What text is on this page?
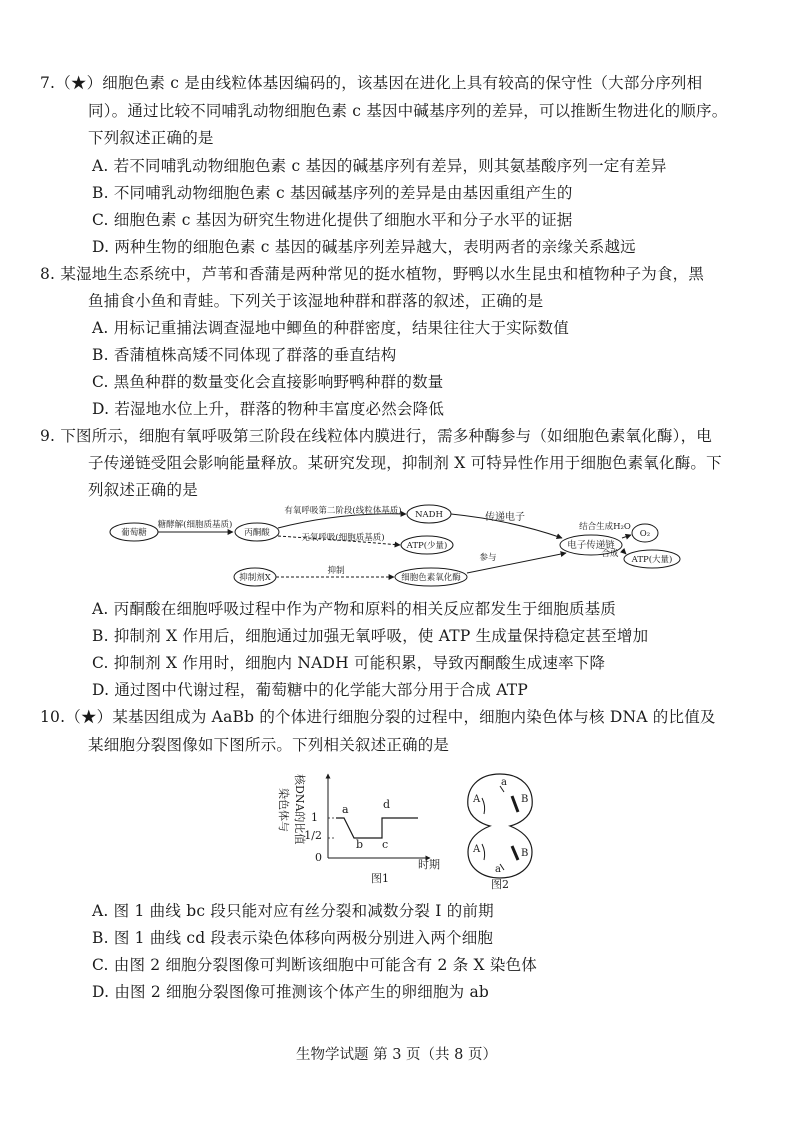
7.（★）细胞色素 c 是由线粒体基因编码的，该基因在进化上具有较高的保守性（大部分序列相
同）。通过比较不同哺乳动物细胞色素 c 基因中碱基序列的差异，可以推断生物进化的顺序。
下列叙述正确的是
A. 若不同哺乳动物细胞色素 c 基因的碱基序列有差异，则其氨基酸序列一定有差异
B. 不同哺乳动物细胞色素 c 基因碱基序列的差异是由基因重组产生的
C. 细胞色素 c 基因为研究生物进化提供了细胞水平和分子水平的证据
D. 两种生物的细胞色素 c 基因的碱基序列差异越大，表明两者的亲缘关系越远
8. 某湿地生态系统中，芦苇和香蒲是两种常见的挺水植物，野鸭以水生昆虫和植物种子为食，黑
鱼捕食小鱼和青蛙。下列关于该湿地种群和群落的叙述，正确的是
A. 用标记重捕法调查湿地中鲫鱼的种群密度，结果往往大于实际数值
B. 香蒲植株高矮不同体现了群落的垂直结构
C. 黑鱼种群的数量变化会直接影响野鸭种群的数量
D. 若湿地水位上升，群落的物种丰富度必然会降低
9. 下图所示，细胞有氧呼吸第三阶段在线粒体内膜进行，需多种酶参与（如细胞色素氧化酶），电
子传递链受阻会影响能量释放。某研究发现，抑制剂 X 可特异性作用于细胞色素氧化酶。下
列叙述正确的是
葡萄糖
糖酵解(细胞质基质)
丙酮酸
有氧呼吸第二阶段(线粒体基质)
无氧呼吸(细胞质基质)
NADH
ATP(少量)
传递电子
电子传递链
结合生成H₂O
O₂
合成
ATP(大量)
抑制剂X
抑制
细胞色素氧化酶
参与
A. 丙酮酸在细胞呼吸过程中作为产物和原料的相关反应都发生于细胞质基质
B. 抑制剂 X 作用后，细胞通过加强无氧呼吸，使 ATP 生成量保持稳定甚至增加
C. 抑制剂 X 作用时，细胞内 NADH 可能积累，导致丙酮酸生成速率下降
D. 通过图中代谢过程，葡萄糖中的化学能大部分用于合成 ATP
10.（★）某基因组成为 AaBb 的个体进行细胞分裂的过程中，细胞内染色体与核 DNA 的比值及
某细胞分裂图像如下图所示。下列相关叙述正确的是
染色体与 核DNA的比值 1
1/2
0
a
b c
d
时期
图1
A
a
B
A
a
B
图2
A. 图 1 曲线 bc 段只能对应有丝分裂和减数分裂 Ⅰ 的前期
B. 图 1 曲线 cd 段表示染色体移向两极分别进入两个细胞
C. 由图 2 细胞分裂图像可判断该细胞中可能含有 2 条 X 染色体
D. 由图 2 细胞分裂图像可推测该个体产生的卵细胞为 ab
生物学试题 第 3 页（共 8 页）
